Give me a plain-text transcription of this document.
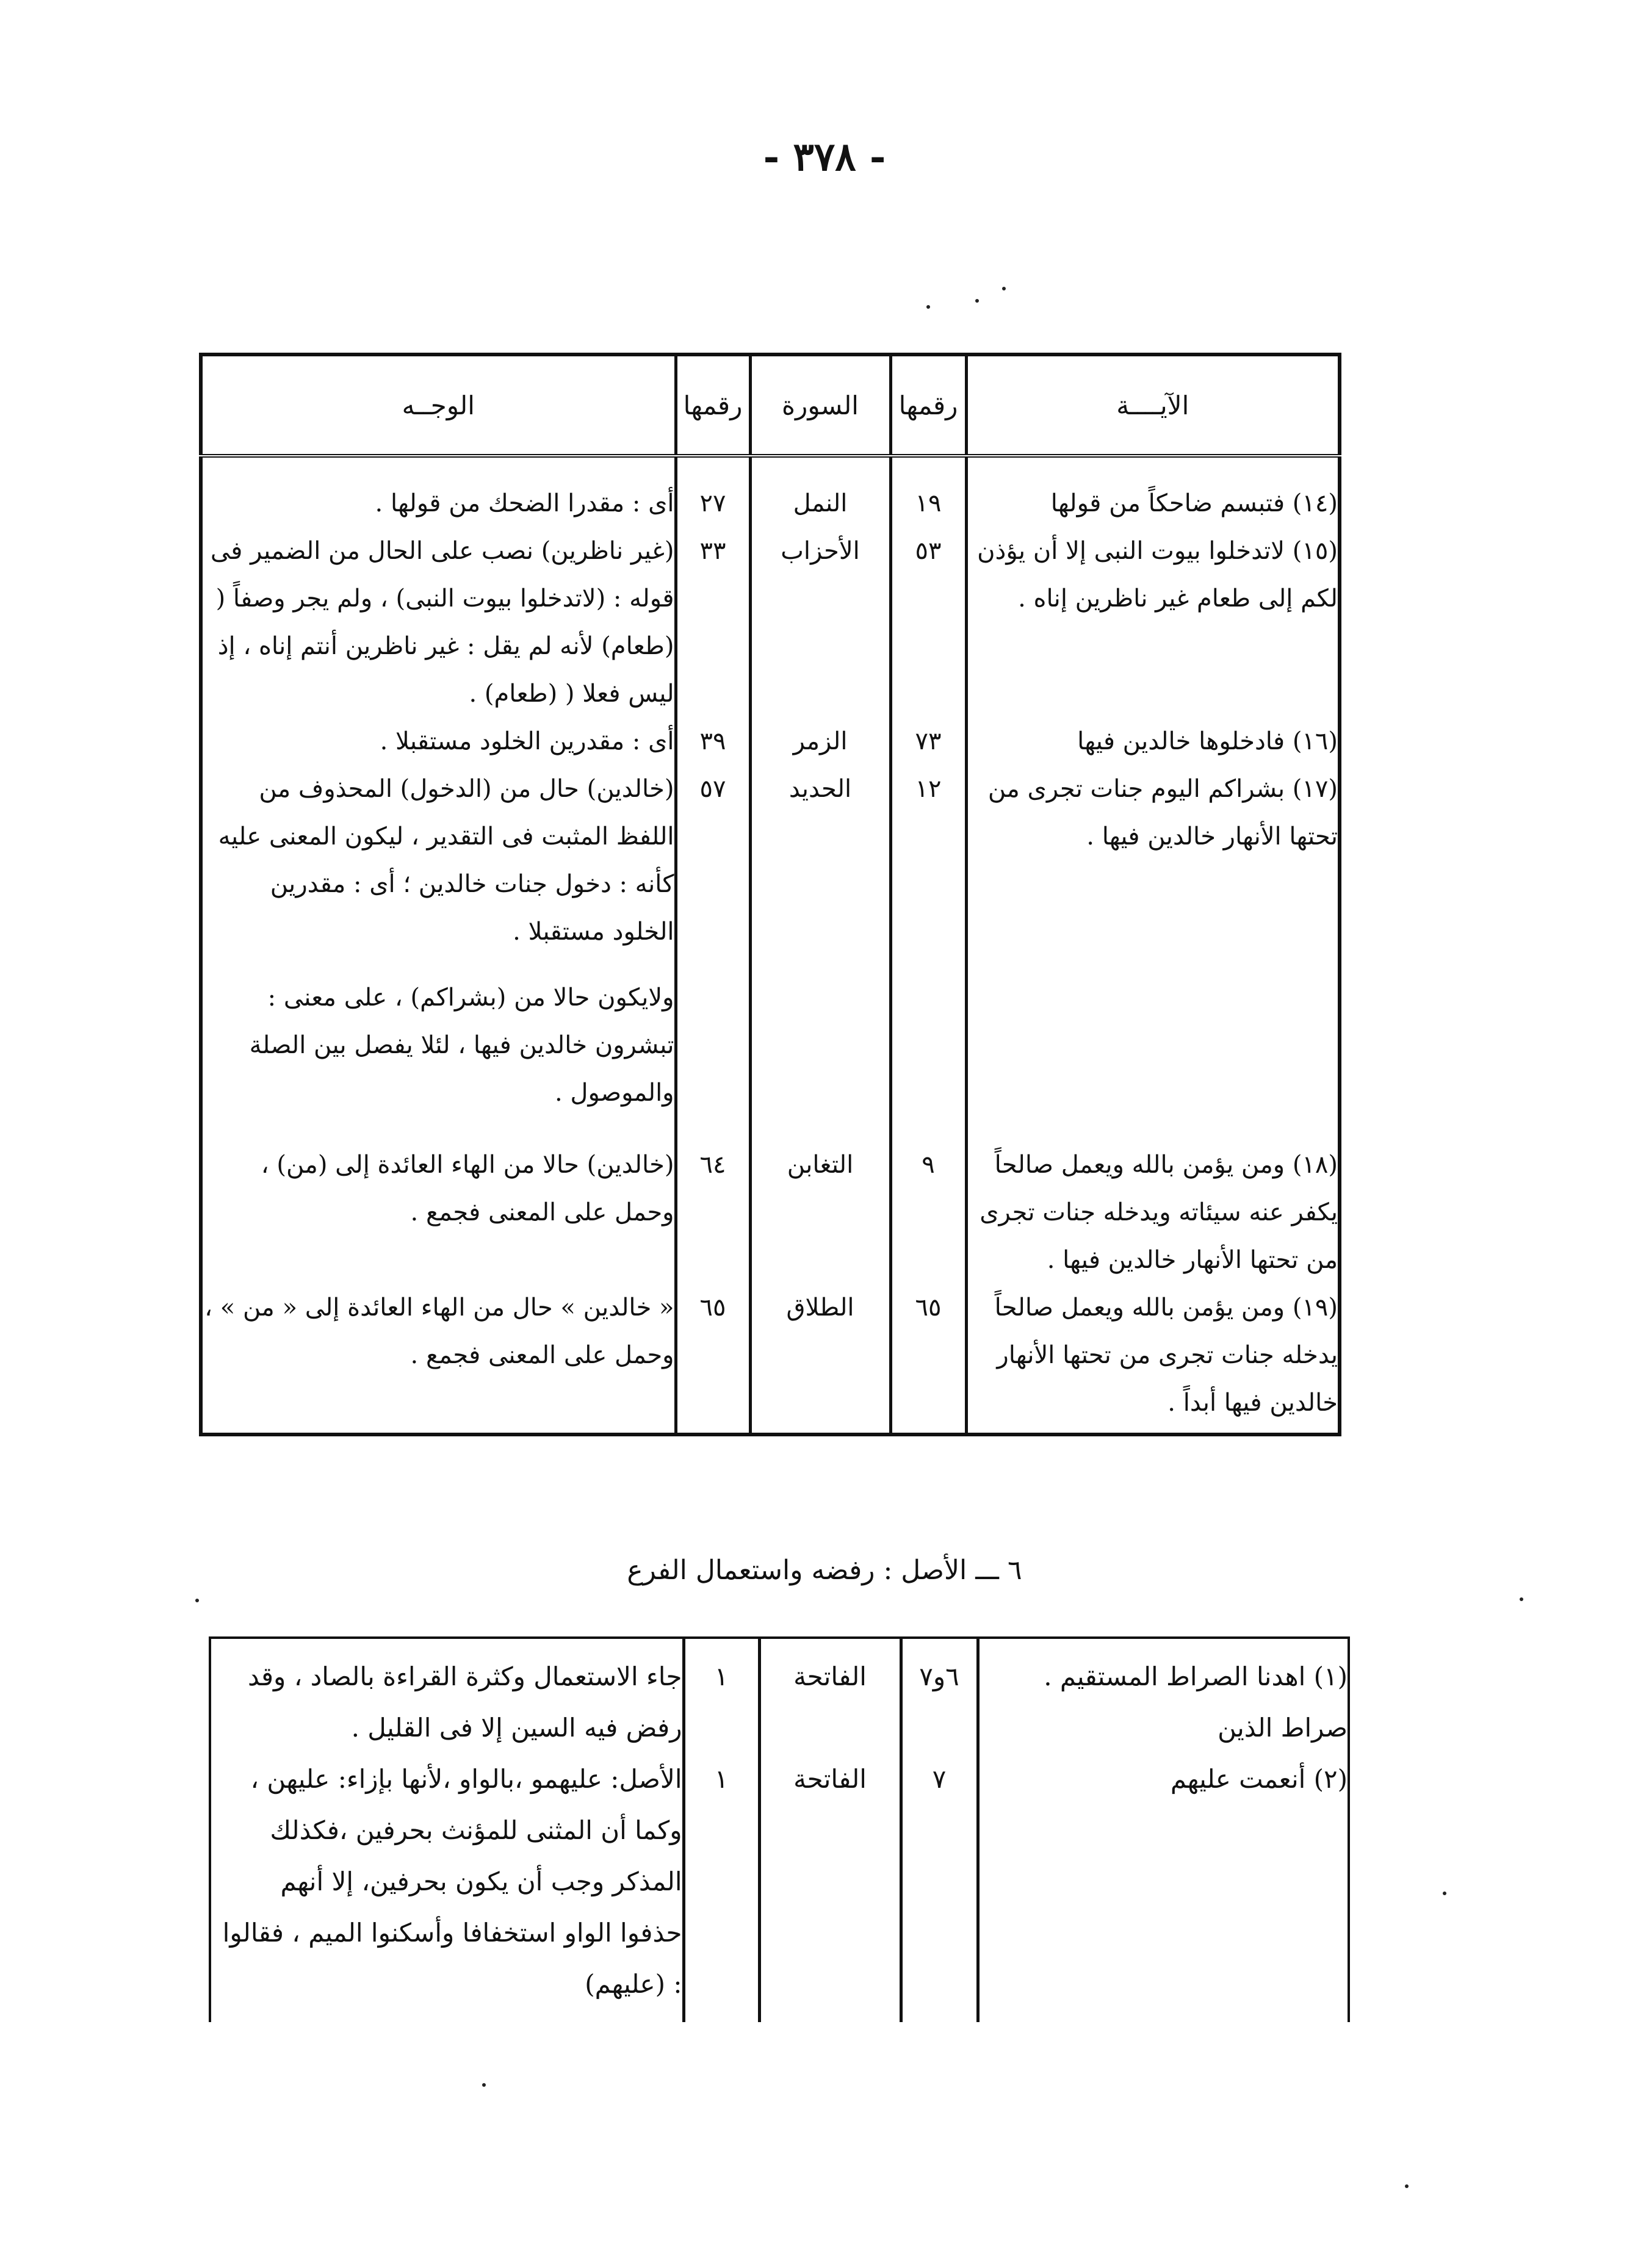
- ٣٧٨ -
الآيــــة	رقمها	السورة	رقمها	الوجــه

(١٤) فتبسم ضاحكاً من قولها	١٩	النمل	٢٧	أى : مقدرا الضحك من قولها .
(١٥) لاتدخلوا بيوت النبى إلا أن يؤذن لكم إلى طعام غير ناظرين إناه .	٥٣	الأحزاب	٣٣	(غير ناظرين) نصب على الحال من الضمير فى قوله : (لاتدخلوا بيوت النبى) ، ولم يجر وصفاً ( (طعام) لأنه لم يقل : غير ناظرين أنتم إناه ، إذ ليس فعلا ( (طعام) .
(١٦) فادخلوها خالدين فيها	٧٣	الزمر	٣٩	أى : مقدرين الخلود مستقبلا .
(١٧) بشراكم اليوم جنات تجرى من تحتها الأنهار خالدين فيها .	١٢	الحديد	٥٧	(خالدين) حال من (الدخول) المحذوف من اللفظ المثبت فى التقدير ، ليكون المعنى عليه كأنه : دخول جنات خالدين ؛ أى : مقدرين الخلود مستقبلا .
				ولايكون حالا من (بشراكم) ، على معنى : تبشرون خالدين فيها ، لئلا يفصل بين الصلة والموصول .
(١٨) ومن يؤمن بالله ويعمل صالحاً يكفر عنه سيئاته ويدخله جنات تجرى من تحتها الأنهار خالدين فيها .	٩	التغابن	٦٤	(خالدين) حالا من الهاء العائدة إلى (من) ، وحمل على المعنى فجمع .
(١٩) ومن يؤمن بالله ويعمل صالحاً يدخله جنات تجرى من تحتها الأنهار خالدين فيها أبداً .	٦٥	الطلاق	٦٥	« خالدين » حال من الهاء العائدة إلى « من » ، وحمل على المعنى فجمع .
٦ ـــ الأصل : رفضه واستعمال الفرع
(١) اهدنا الصراط المستقيم . صراط الذين	٦و٧	الفاتحة	١	جاء الاستعمال وكثرة القراءة بالصاد ، وقد رفض فيه السين إلا فى القليل .
(٢) أنعمت عليهم	٧	الفاتحة	١	الأصل: عليهمو ،بالواو ،لأنها بإزاء: عليهن ، وكما أن المثنى للمؤنث بحرفين ،فكذلك المذكر وجب أن يكون بحرفين، إلا أنهم حذفوا الواو استخفافا وأسكنوا الميم ، فقالوا : (عليهم)
